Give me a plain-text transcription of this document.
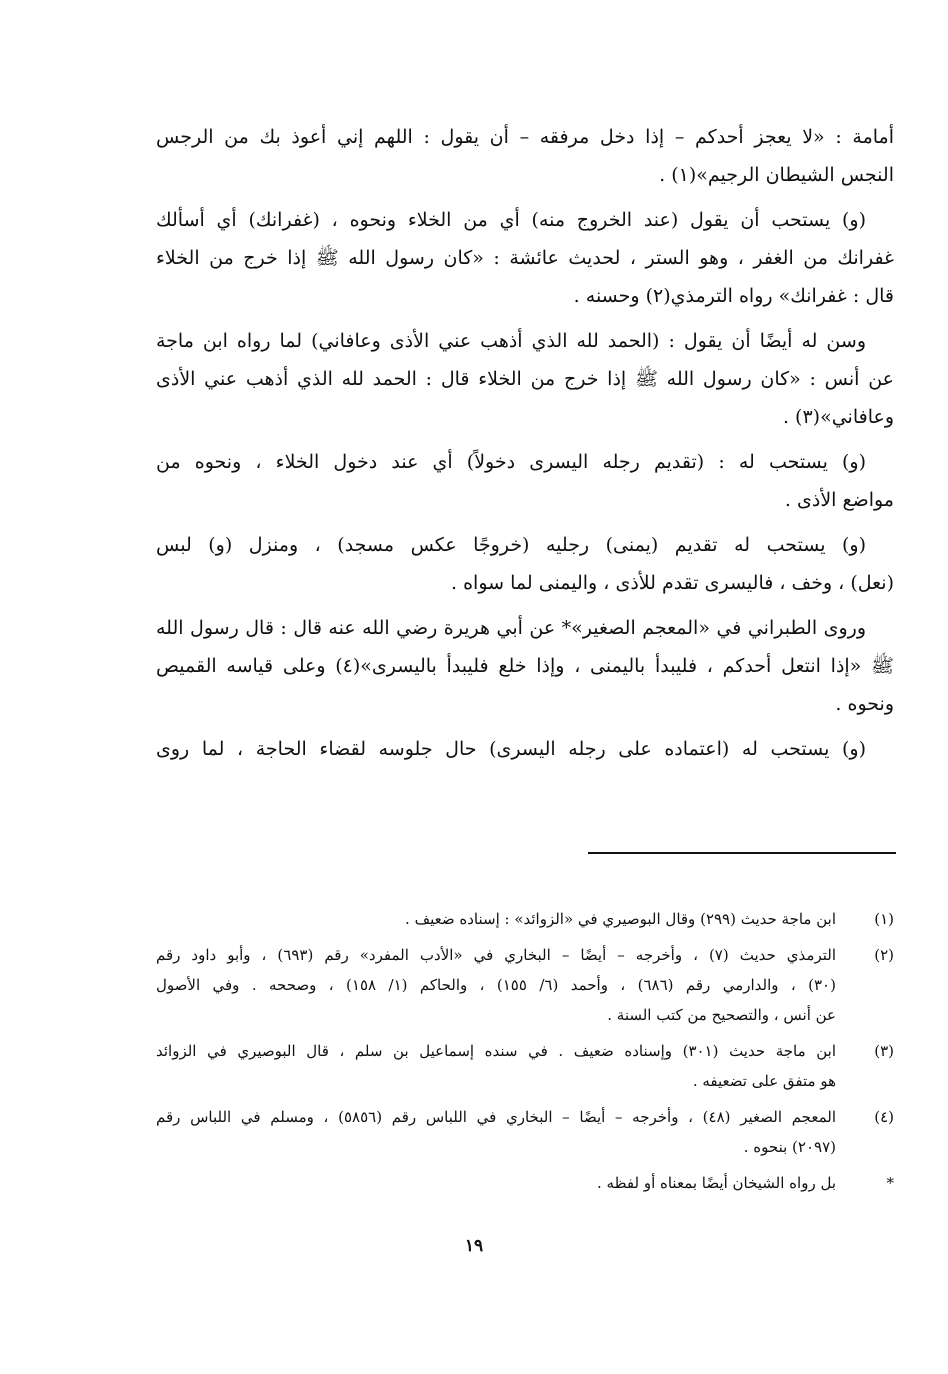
أمامة : «لا يعجز أحدكم – إذا دخل مرفقه – أن يقول : اللهم إني أعوذ بك من الرجس
النجس الشيطان الرجيم»(١) .
(و) يستحب أن يقول (عند الخروج منه) أي من الخلاء ونحوه ، (غفرانك) أي أسألك
غفرانك من الغفر ، وهو الستر ، لحديث عائشة : «كان رسول الله ﷺ إذا خرج من الخلاء
قال : غفرانك» رواه الترمذي(٢) وحسنه .
وسن له أيضًا أن يقول : (الحمد لله الذي أذهب عني الأذى وعافاني) لما رواه ابن ماجة
عن أنس : «كان رسول الله ﷺ إذا خرج من الخلاء قال : الحمد لله الذي أذهب عني الأذى
وعافاني»(٣) .
(و) يستحب له : (تقديم رجله اليسرى دخولاً) أي عند دخول الخلاء ، ونحوه من
مواضع الأذى .
(و) يستحب له تقديم (يمنى) رجليه (خروجًا عكس مسجد) ، ومنزل (و) لبس
(نعل) ، وخف ، فاليسرى تقدم للأذى ، واليمنى لما سواه .
وروى الطبراني في «المعجم الصغير»* عن أبي هريرة رضي الله عنه قال : قال رسول الله
ﷺ «إذا انتعل أحدكم ، فليبدأ باليمنى ، وإذا خلع فليبدأ باليسرى»(٤) وعلى قياسه القميص
ونحوه .
(و) يستحب له (اعتماده على رجله اليسرى) حال جلوسه لقضاء الحاجة ، لما روى
(١)
ابن ماجة حديث (٢٩٩) وقال البوصيري في «الزوائد» : إسناده ضعيف .
(٢)
الترمذي حديث (٧) ، وأخرجه – أيضًا – البخاري في «الأدب المفرد» رقم (٦٩٣) ، وأبو داود رقم
(٣٠) ، والدارمي رقم (٦٨٦) ، وأحمد (٦/ ١٥٥) ، والحاكم (١/ ١٥٨) ، وصححه . وفي الأصول
عن أنس ، والتصحيح من كتب السنة .
(٣)
ابن ماجة حديث (٣٠١) وإسناده ضعيف . في سنده إسماعيل بن سلم ، قال البوصيري في الزوائد
هو متفق على تضعيفه .
(٤)
المعجم الصغير (٤٨) ، وأخرجه – أيضًا – البخاري في اللباس رقم (٥٨٥٦) ، ومسلم في اللباس رقم
(٢٠٩٧) بنحوه .
*
بل رواه الشيخان أيضًا بمعناه أو لفظه .
١٩
